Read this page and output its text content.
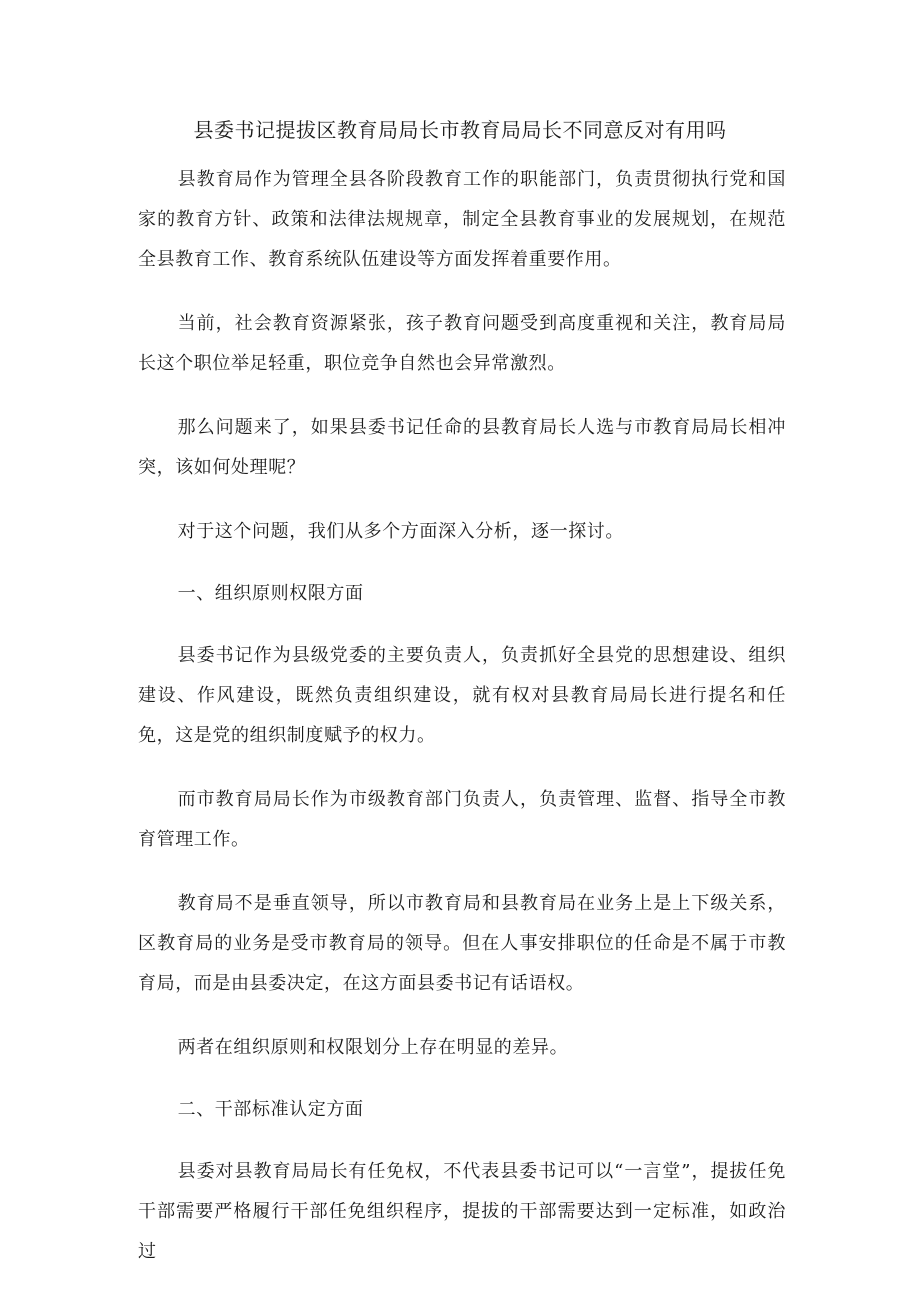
县委书记提拔区教育局局长市教育局局长不同意反对有用吗

县教育局作为管理全县各阶段教育工作的职能部门，负责贯彻执行党和国家的教育方针、政策和法律法规规章，制定全县教育事业的发展规划，在规范全县教育工作、教育系统队伍建设等方面发挥着重要作用。

当前，社会教育资源紧张，孩子教育问题受到高度重视和关注，教育局局长这个职位举足轻重，职位竞争自然也会异常激烈。

那么问题来了，如果县委书记任命的县教育局长人选与市教育局局长相冲突，该如何处理呢？

对于这个问题，我们从多个方面深入分析，逐一探讨。

一、组织原则权限方面

县委书记作为县级党委的主要负责人，负责抓好全县党的思想建设、组织建设、作风建设，既然负责组织建设，就有权对县教育局局长进行提名和任免，这是党的组织制度赋予的权力。

而市教育局局长作为市级教育部门负责人，负责管理、监督、指导全市教育管理工作。

教育局不是垂直领导，所以市教育局和县教育局在业务上是上下级关系，区教育局的业务是受市教育局的领导。但在人事安排职位的任命是不属于市教育局，而是由县委决定，在这方面县委书记有话语权。

两者在组织原则和权限划分上存在明显的差异。

二、干部标准认定方面

县委对县教育局局长有任免权，不代表县委书记可以“一言堂”，提拔任免干部需要严格履行干部任免组织程序，提拔的干部需要达到一定标准，如政治过
